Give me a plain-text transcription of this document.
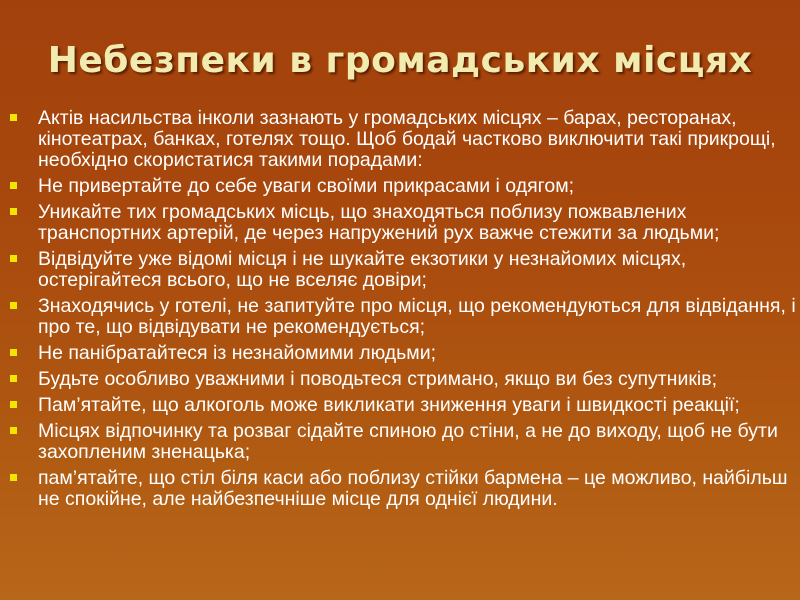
Небезпеки в громадських місцях
Актів насильства інколи зазнають у громадських місцях – барах, ресторанах, кінотеатрах, банках, готелях тощо. Щоб бодай частково виключити такі прикрощі, необхідно скористатися такими порадами:
Не привертайте до себе уваги своїми прикрасами і одягом;
Уникайте тих громадських місць, що знаходяться поблизу пожвавлених транспортних артерій, де через напружений рух важче стежити за людьми;
Відвідуйте уже відомі місця і не шукайте екзотики у незнайомих місцях, остерігайтеся всього, що не вселяє довіри;
Знаходячись у готелі, не запитуйте про місця, що рекомендуються для відвідання, і про те, що відвідувати не рекомендується;
Не панібратайтеся із незнайомими людьми;
Будьте особливо уважними і поводьтеся стримано, якщо ви без супутників;
Пам’ятайте, що алкоголь може викликати зниження уваги і швидкості реакції;
Місцях відпочинку та розваг сідайте спиною до стіни, а не до виходу, щоб не бути захопленим зненацька;
пам’ятайте, що стіл біля каси або поблизу стійки бармена – це можливо, найбільш не спокійне, але найбезпечніше місце для однієї людини.
